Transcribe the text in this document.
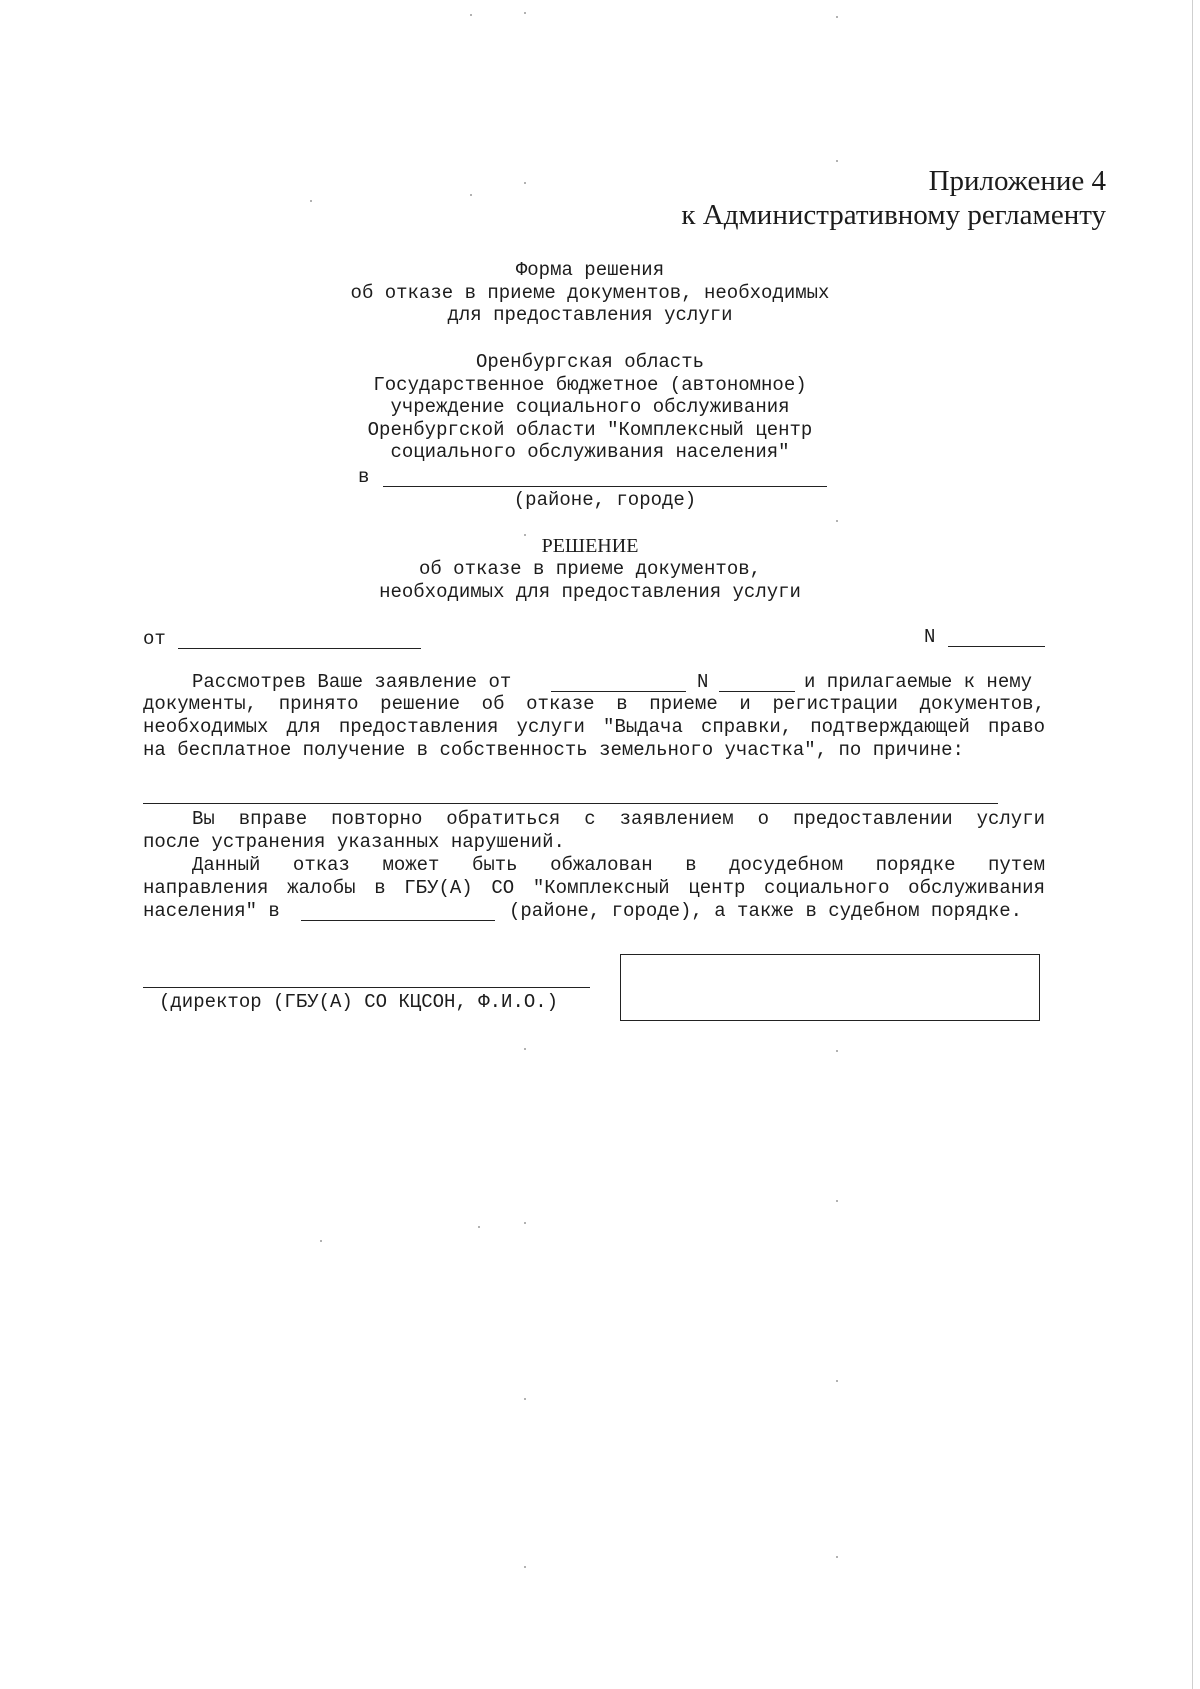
Приложение 4
к Административному регламенту
Форма решения
об отказе в приеме документов, необходимых
для предоставления услуги
Оренбургская область
Государственное бюджетное (автономное)
учреждение социального обслуживания
Оренбургской области "Комплексный центр
социального обслуживания населения"
в
(районе, городе)
РЕШЕНИЕ
об отказе в приеме документов,
необходимых для предоставления услуги
от	N
Рассмотрев Ваше заявление от	N	и прилагаемые к нему
документы, принято решение об отказе в приеме и регистрации документов,
необходимых для предоставления услуги "Выдача справки, подтверждающей право
на бесплатное получение в собственность земельного участка", по причине:
Вы вправе повторно обратиться с заявлением о предоставлении услуги
после устранения указанных нарушений.
Данный отказ может быть обжалован в досудебном порядке путем
направления жалобы в ГБУ(А) СО "Комплексный центр социального обслуживания
населения" в	(районе, городе), а также в судебном порядке.
(директор (ГБУ(А) СО КЦСОН, Ф.И.О.)
